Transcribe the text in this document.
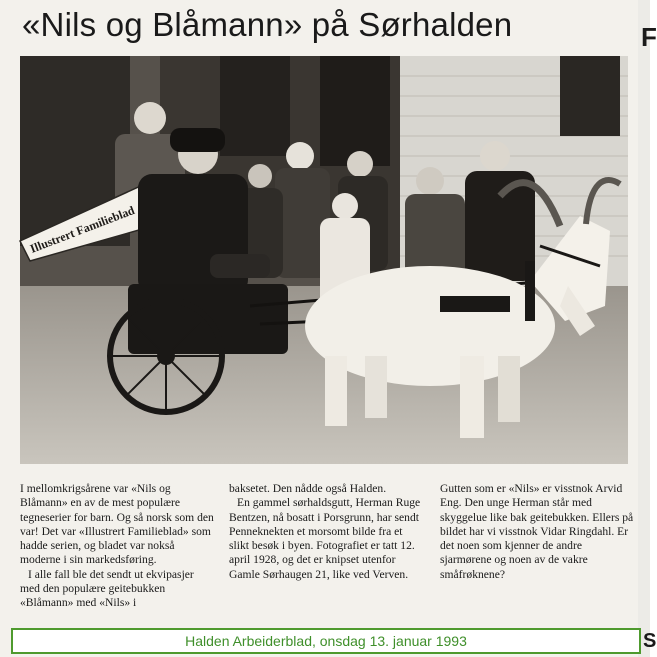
«Nils og Blåmann» på Sørhalden
Illustrert Familieblad

I mellomkrigsårene var «Nils og Blåmann» en av de mest populære tegneserier for barn. Og så norsk som den var! Det var «Illustrert Familieblad» som hadde serien, og bladet var nokså moderne i sin markedsføring.

I alle fall ble det sendt ut ekvipasjer med den populære geitebukken «Blåmann» med «Nils» i

baksetet. Den nådde også Halden.

En gammel sørhaldsgutt, Herman Ruge Bentzen, nå bosatt i Porsgrunn, har sendt Penneknekten et morsomt bilde fra et slikt besøk i byen. Fotografiet er tatt 12. april 1928, og det er knipset utenfor Gamle Sørhaugen 21, like ved Verven.

Gutten som er «Nils» er visstnok Arvid Eng. Den unge Herman står med skyggelue like bak geitebukken. Ellers på bildet har vi visstnok Vidar Ringdahl. Er det noen som kjenner de andre sjarmørene og noen av de vakre småfrøknene?

F
S
Halden Arbeiderblad, onsdag 13. januar 1993
